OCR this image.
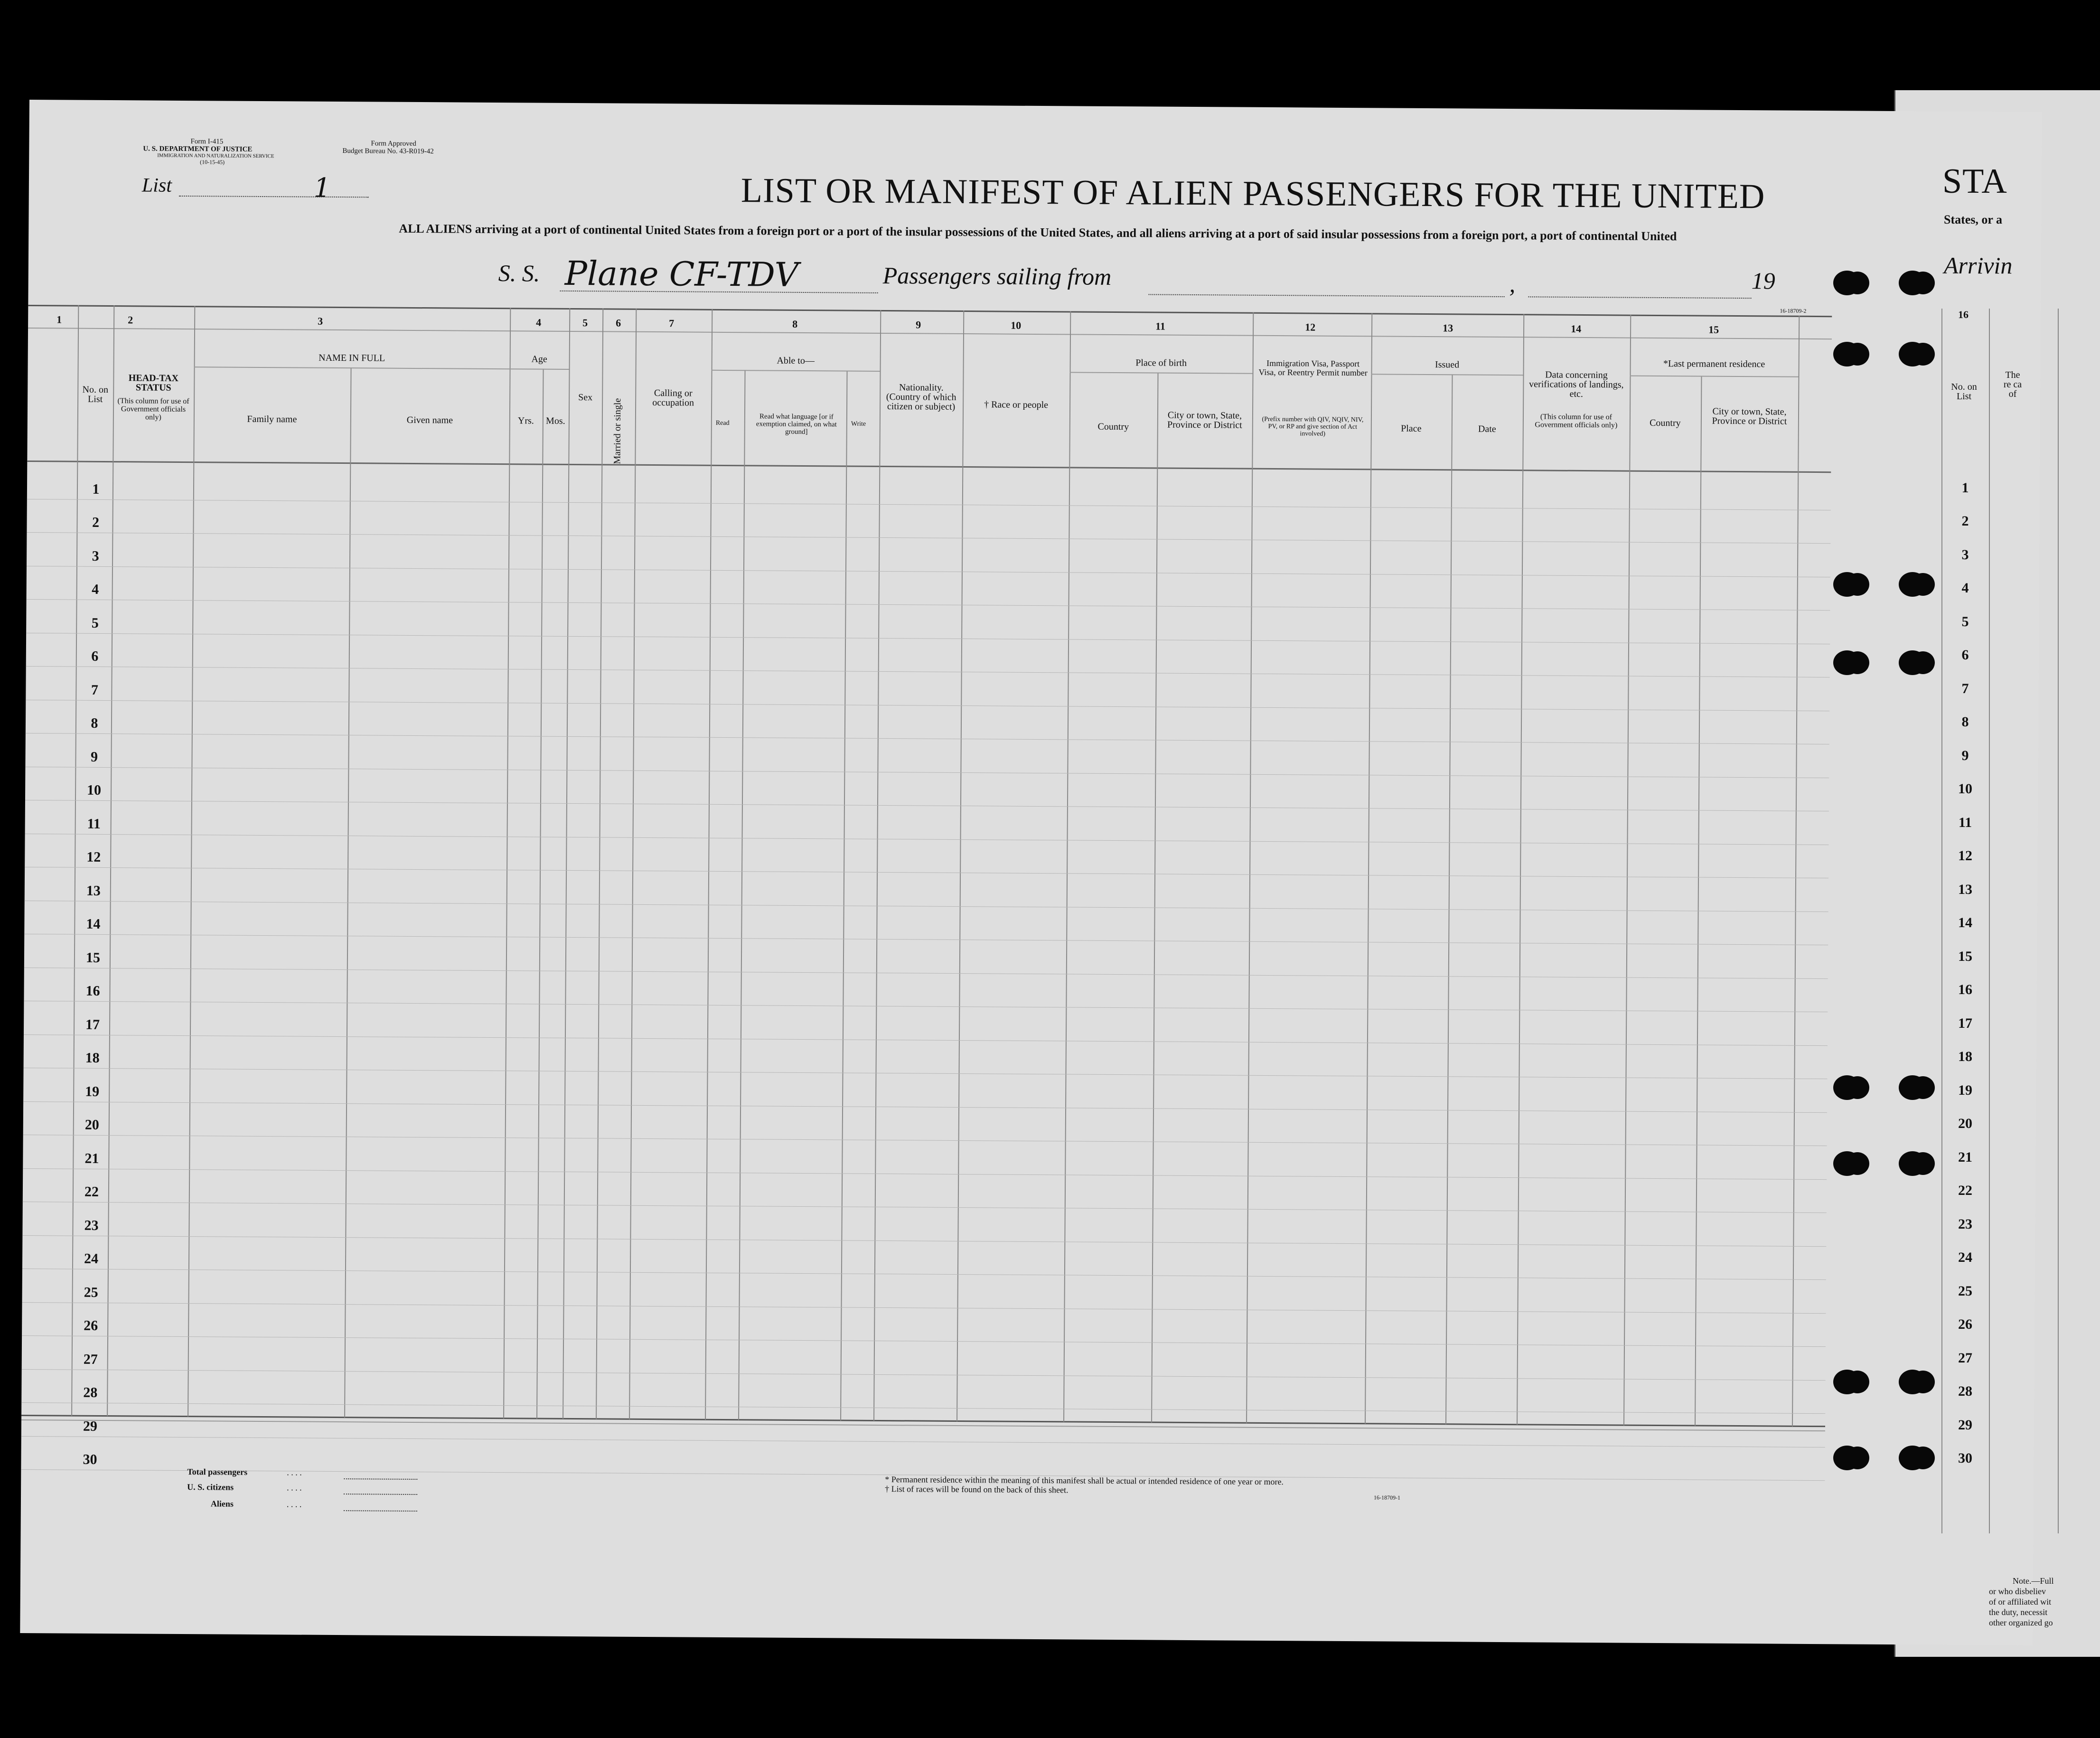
Form I-415
U. S. DEPARTMENT OF JUSTICE
IMMIGRATION AND NATURALIZATION SERVICE
(10-15-45)
Form Approved
Budget Bureau No. 43-R019-42
List	1	LIST OR MANIFEST OF ALIEN PASSENGERS FOR THE UNITED
ALL ALIENS arriving at a port of continental United States from a foreign port or a port of the insular possessions of the United States, and all aliens arriving at a port of said insular possessions from a foreign port, a port of continental United
S. S. Plane CF-TDV	Passengers sailing from	,	19
16-18709-2
1	2	3	4	5	6	7	8	9	10	11	12	13	14	15
No. on List
HEAD-TAX STATUS
(This column for use of Government officials only)
NAME IN FULL
Family name	Given name
Age
Yrs.	Mos.
Sex
Married or single
Calling or occupation
Able to—
Read
Read what language [or if exemption claimed, on what ground]
Write
Nationality. (Country of which citizen or subject)	† Race or people
Place of birth
Country
City or town, State, Province or District
Immigration Visa, Passport Visa, or Reentry Permit number
(Prefix number with QIV, NQIV, NIV, PV, or RP and give section of Act involved)
Issued
Place	Date
Data concerning verifications of landings, etc.
(This column for use of Government officials only)
*Last permanent residence
Country
City or town, State, Province or District
1
2
3
4
5
6
7
8
9
10
11
12
13
14
15
16
17
18
19
20
21
22
23
24
25
26
27
28
29
30
Total passengers	. . . .
U. S. citizens	. . . .
Aliens	. . . .
* Permanent residence within the meaning of this manifest shall be actual or intended residence of one year or more.
† List of races will be found on the back of this sheet.
16-18709-1
STA
States, or a
Arrivin
16
No. on List
The re ca of
1
2
3
4
5
6
7
8
9
10
11
12
13
14
15
16
17
18
19
20
21
22
23
24
25
26
27
28
29
30
Note.—Full
or who disbeliev
of or affiliated wit
the duty, necessit
other organized go
